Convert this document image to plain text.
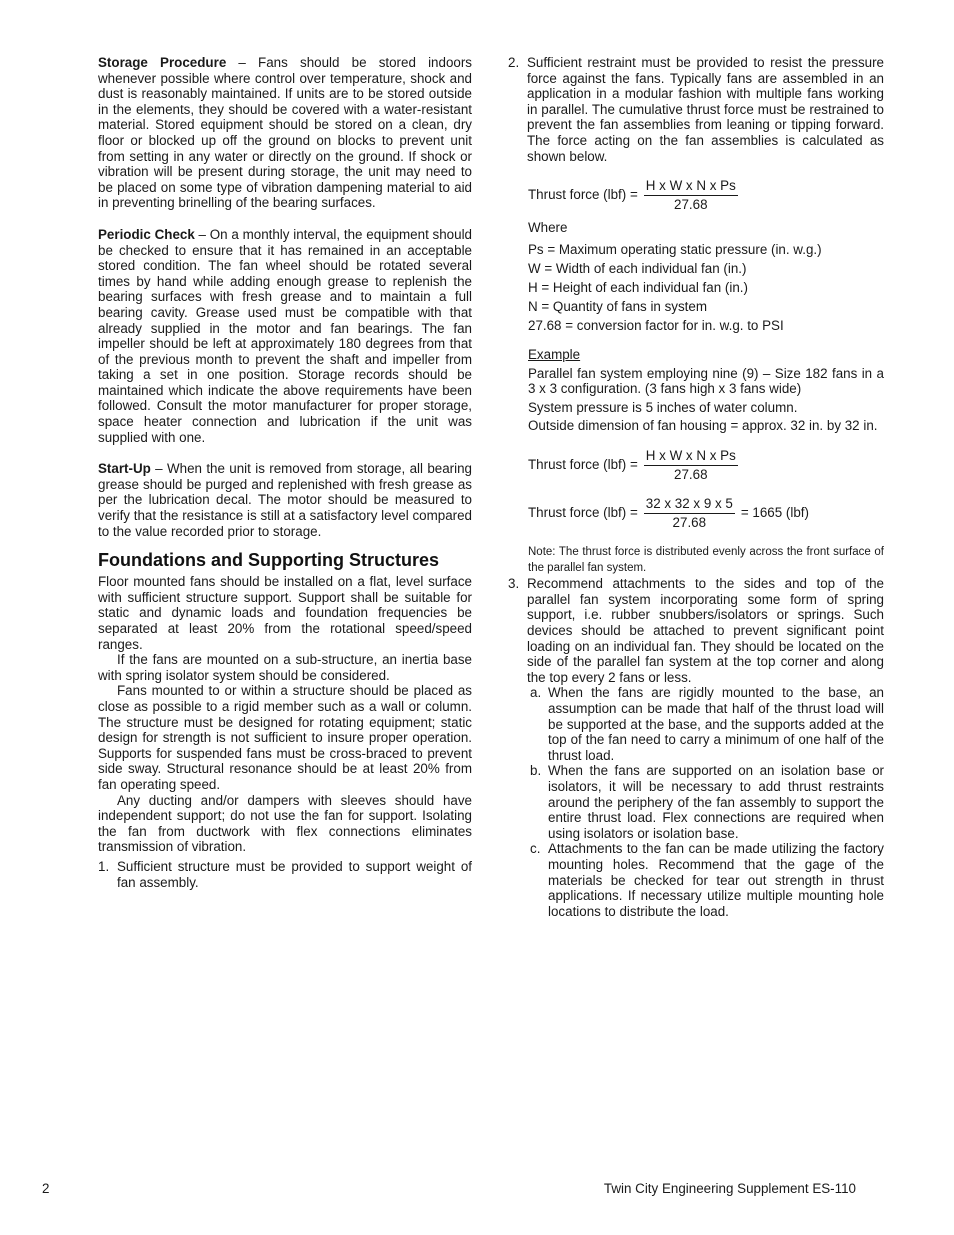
Storage Procedure – Fans should be stored indoors whenever possible where control over temperature, shock and dust is reasonably maintained. If units are to be stored outside in the elements, they should be covered with a water-resistant material. Stored equipment should be stored on a clean, dry floor or blocked up off the ground on blocks to prevent unit from setting in any water or directly on the ground. If shock or vibration will be present during storage, the unit may need to be placed on some type of vibration dampening material to aid in preventing brinelling of the bearing surfaces.

Periodic Check – On a monthly interval, the equipment should be checked to ensure that it has remained in an acceptable stored condition. The fan wheel should be rotated several times by hand while adding enough grease to replenish the bearing surfaces with fresh grease and to maintain a full bearing cavity. Grease used must be compatible with that already supplied in the motor and fan bearings. The fan impeller should be left at approximately 180 degrees from that of the previous month to prevent the shaft and impeller from taking a set in one position. Storage records should be maintained which indicate the above requirements have been followed. Consult the motor manufacturer for proper storage, space heater connection and lubrication if the unit was supplied with one.

Start-Up – When the unit is removed from storage, all bearing grease should be purged and replenished with fresh grease as per the lubrication decal. The motor should be measured to verify that the resistance is still at a satisfactory level compared to the value recorded prior to storage.

Foundations and Supporting Structures

Floor mounted fans should be installed on a flat, level surface with sufficient structure support. Support shall be suitable for static and dynamic loads and foundation frequencies be separated at least 20% from the rotational speed/speed ranges.

If the fans are mounted on a sub-structure, an inertia base with spring isolator system should be considered.

Fans mounted to or within a structure should be placed as close as possible to a rigid member such as a wall or column. The structure must be designed for rotating equipment; static design for strength is not sufficient to insure proper operation. Supports for suspended fans must be cross-braced to prevent side sway. Structural resonance should be at least 20% from fan operating speed.

Any ducting and/or dampers with sleeves should have independent support; do not use the fan for support. Isolating the fan from ductwork with flex connections eliminates transmission of vibration.

1. Sufficient structure must be provided to support weight of fan assembly.
2. Sufficient restraint must be provided to resist the pressure force against the fans. Typically fans are assembled in an application in a modular fashion with multiple fans working in parallel. The cumulative thrust force must be restrained to prevent the fan assemblies from leaning or tipping forward. The force acting on the fan assemblies is calculated as shown below.
Thrust force $(lbf) = \frac{\text{H x W x N x Ps}}{27.68}$
Where
Ps = Maximum operating static pressure (in. w.g.)
W = Width of each individual fan (in.)
H = Height of each individual fan (in.)
N = Quantity of fans in system
27.68 = conversion factor for in. w.g. to PSI
Example

Parallel fan system employing nine (9) – Size 182 fans in a 3 x 3 configuration. (3 fans high x 3 fans wide)

System pressure is 5 inches of water column.

Outside dimension of fan housing = approx. 32 in. by 32 in.

Thrust force $(lbf) = \frac{\text{H x W x N x Ps}}{27.68}$
Thrust force $(lbf) = \frac{32 x 32 x 9 x 5}{27.68} = 1665$ (lbf)

Note: The thrust force is distributed evenly across the front surface of the parallel fan system.

3. Recommend attachments to the sides and top of the parallel fan system incorporating some form of spring support, i.e. rubber snubbers/isolators or springs. Such devices should be attached to prevent significant point loading on an individual fan. They should be located on the side of the parallel fan system at the top corner and along the top every 2 fans or less.
a. When the fans are rigidly mounted to the base, an assumption can be made that half of the thrust load will be supported at the base, and the supports added at the top of the fan need to carry a minimum of one half of the thrust load.
b. When the fans are supported on an isolation base or isolators, it will be necessary to add thrust restraints around the periphery of the fan assembly to support the entire thrust load. Flex connections are required when using isolators or isolation base.
c. Attachments to the fan can be made utilizing the factory mounting holes. Recommend that the gage of the materials be checked for tear out strength in thrust applications. If necessary utilize multiple mounting hole locations to distribute the load.
2	Twin City Engineering Supplement ES-110
